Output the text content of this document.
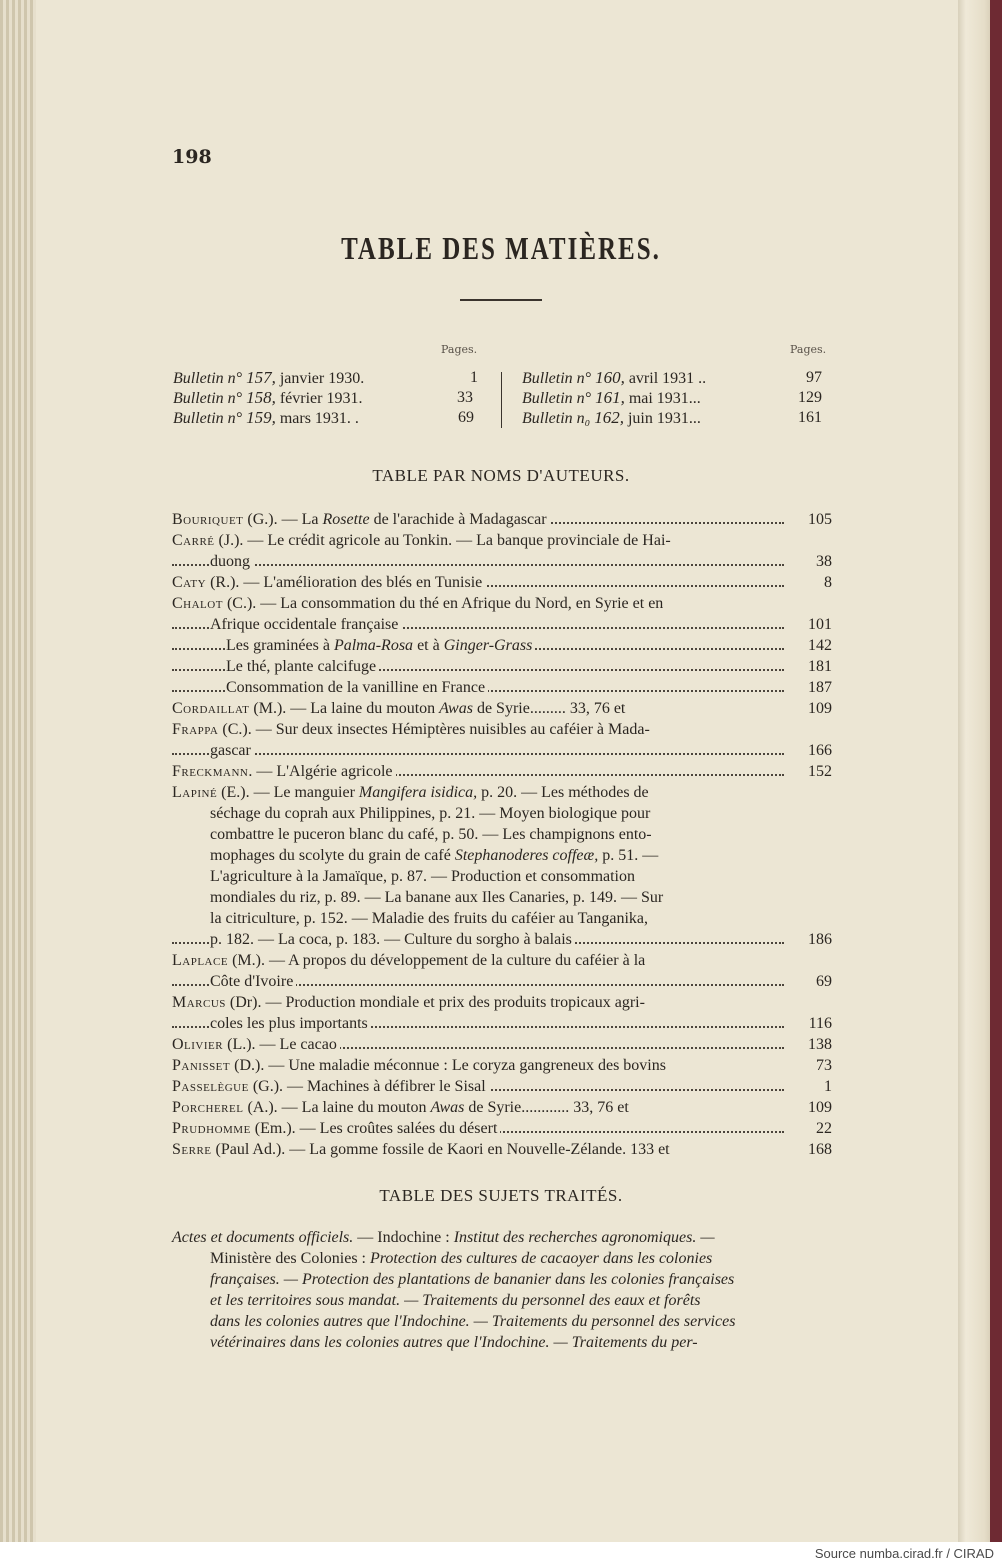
198
TABLE DES MATIÈRES.
Pages.	Pages.
Bulletin n° 157, janvier 1930.	1
Bulletin n° 158, février 1931.	33
Bulletin n° 159, mars 1931. .	69
Bulletin n° 160, avril 1931 ..	97
Bulletin n° 161, mai 1931...	129
Bulletin n₀ 162, juin 1931...	161
TABLE PAR NOMS D'AUTEURS.
Bouriquet (G.). — La Rosette de l'arachide à Madagascar	105
Carré (J.). — Le crédit agricole au Tonkin. — La banque provinciale de Hai-
duong	38
Caty (R.). — L'amélioration des blés en Tunisie	8
Chalot (C.). — La consommation du thé en Afrique du Nord, en Syrie et en
Afrique occidentale française	101
Les graminées à Palma-Rosa et à Ginger-Grass	142
Le thé, plante calcifuge	181
Consommation de la vanilline en France	187
Cordaillat (M.). — La laine du mouton Awas de Syrie......... 33, 76 et	109
Frappa (C.). — Sur deux insectes Hémiptères nuisibles au caféier à Mada-
gascar	166
Freckmann. — L'Algérie agricole	152
Lapiné (E.). — Le manguier Mangifera isidica, p. 20. — Les méthodes de
séchage du coprah aux Philippines, p. 21. — Moyen biologique pour
combattre le puceron blanc du café, p. 50. — Les champignons ento-
mophages du scolyte du grain de café Stephanoderes coffeæ, p. 51. —
L'agriculture à la Jamaïque, p. 87. — Production et consommation
mondiales du riz, p. 89. — La banane aux Iles Canaries, p. 149. — Sur
la citriculture, p. 152. — Maladie des fruits du caféier au Tanganika,
p. 182. — La coca, p. 183. — Culture du sorgho à balais	186
Laplace (M.). — A propos du développement de la culture du caféier à la
Côte d'Ivoire	69
Marcus (Dr). — Production mondiale et prix des produits tropicaux agri-
coles les plus importants	116
Olivier (L.). — Le cacao	138
Panisset (D.). — Une maladie méconnue : Le coryza gangreneux des bovins	73
Passelègue (G.). — Machines à défibrer le Sisal	1
Porcherel (A.). — La laine du mouton Awas de Syrie............ 33, 76 et	109
Prudhomme (Em.). — Les croûtes salées du désert	22
Serre (Paul Ad.). — La gomme fossile de Kaori en Nouvelle-Zélande. 133 et	168
TABLE DES SUJETS TRAITÉS.
Actes et documents officiels. — Indochine : Institut des recherches agronomiques. —
Ministère des Colonies : Protection des cultures de cacaoyer dans les colonies
françaises. — Protection des plantations de bananier dans les colonies françaises
et les territoires sous mandat. — Traitements du personnel des eaux et forêts
dans les colonies autres que l'Indochine. — Traitements du personnel des services
vétérinaires dans les colonies autres que l'Indochine. — Traitements du per-
Source numba.cirad.fr / CIRAD
